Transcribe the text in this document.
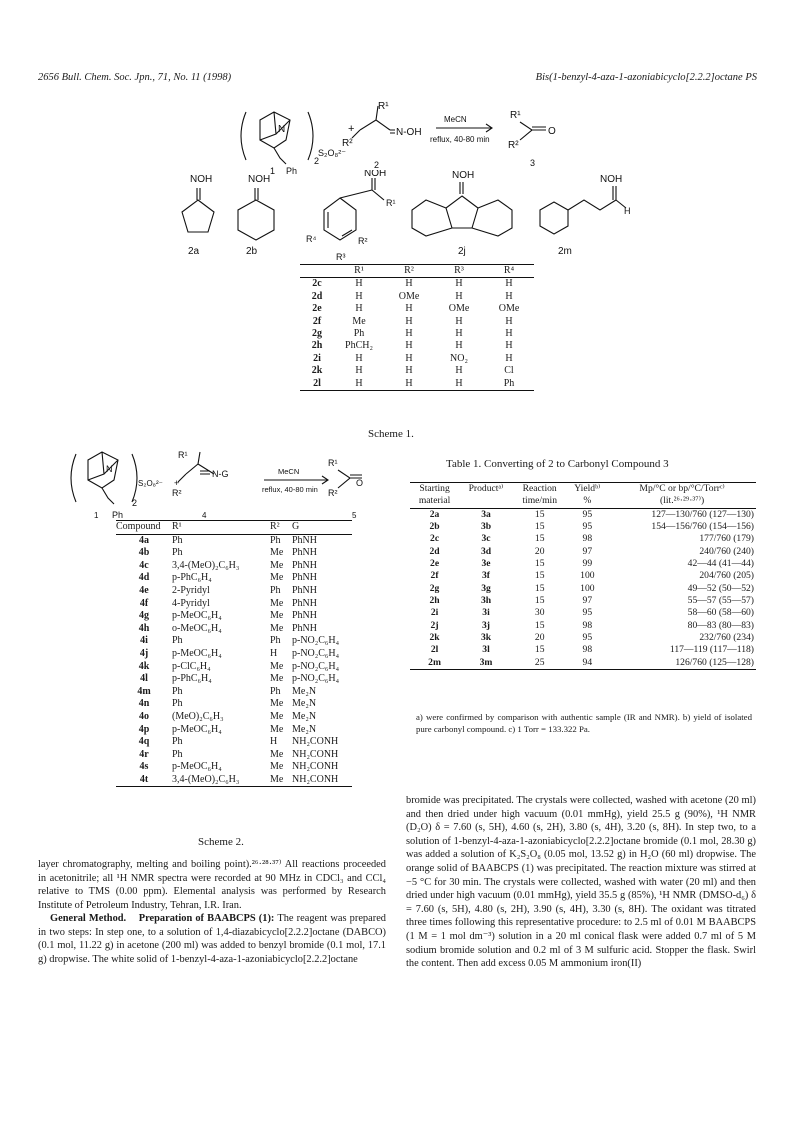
2656 Bull. Chem. Soc. Jpn., 71, No. 11 (1998)	Bis(1-benzyl-4-aza-1-azoniabicyclo[2.2.2]octane PS
S₂O₈²⁻
+
R¹
R²
N-OH
MeCN
reflux, 40-80 min
R¹
R²
O
N
Ph
2
1
2	3
NOH	NOH
NOH
R¹
R²
R³
R⁴
NOH	NOH
H
2a	2b	2j	2m
	R¹	R²	R³	R⁴
2c	H	H	H	H
2d	H	OMe	H	H
2e	H	H	OMe	OMe
2f	Me	H	H	H
2g	Ph	H	H	H
2h	PhCH₂	H	H	H
2i	H	H	NO₂	H
2k	H	H	H	Cl
2l	H	H	H	Ph
Scheme 1.
S₂O₈²⁻ +
R¹
R²
N-G	MeCN
reflux, 40-80 min
R¹
R²
O
N
Ph
2
1	4	5
Compound	R¹	R²	G
4a	Ph	Ph	PhNH
4b	Ph	Me	PhNH
4c	3,4-(MeO)₂C₆H₃	Me	PhNH
4d	p-PhC₆H₄	Me	PhNH
4e	2-Pyridyl	Ph	PhNH
4f	4-Pyridyl	Me	PhNH
4g	p-MeOC₆H₄	Me	PhNH
4h	o-MeOC₆H₄	Me	PhNH
4i	Ph	Ph	p-NO₂C₆H₄
4j	p-MeOC₆H₄	H	p-NO₂C₆H₄
4k	p-ClC₆H₄	Me	p-NO₂C₆H₄
4l	p-PhC₆H₄	Me	p-NO₂C₆H₄
4m	Ph	Ph	Me₂N
4n	Ph	Me	Me₂N
4o	(MeO)₂C₆H₃	Me	Me₂N
4p	p-MeOC₆H₄	Me	Me₂N
4q	Ph	H	NH₂CONH
4r	Ph	Me	NH₂CONH
4s	p-MeOC₆H₄	Me	NH₂CONH
4t	3,4-(MeO)₂C₆H₃	Me	NH₂CONH
Scheme 2.
Table 1. Converting of 2 to Carbonyl Compound 3
Starting	Productᵃ⁾	Reaction	Yieldᵇ⁾	Mp/°C or bp/°C/Torrᶜ⁾
material		time/min	%	(lit.²⁶·²⁹·³⁷⁾)
2a	3a	15	95	127—130/760 (127—130)
2b	3b	15	95	154—156/760 (154—156)
2c	3c	15	98	177/760 (179)
2d	3d	20	97	240/760 (240)
2e	3e	15	99	42—44 (41—44)
2f	3f	15	100	204/760 (205)
2g	3g	15	100	49—52 (50—52)
2h	3h	15	97	55—57 (55—57)
2i	3i	30	95	58—60 (58—60)
2j	3j	15	98	80—83 (80—83)
2k	3k	20	95	232/760 (234)
2l	3l	15	98	117—119 (117—118)
2m	3m	25	94	126/760 (125—128)
a) were confirmed by comparison with authentic sample (IR and NMR). b) yield of isolated pure carbonyl compound. c) 1 Torr = 133.322 Pa.
bromide was precipitated. The crystals were collected, washed with acetone (20 ml) and then dried under high vacuum (0.01 mmHg), yield 25.5 g (90%), ¹H NMR (D₂O) δ = 7.60 (s, 5H), 4.60 (s, 2H), 3.80 (s, 4H), 3.20 (s, 8H). In step two, to a solution of 1-benzyl-4-aza-1-azoniabicyclo[2.2.2]octane bromide (0.1 mol, 28.30 g) was added a solution of K₂S₂O₈ (0.05 mol, 13.52 g) in H₂O (60 ml) dropwise. The orange solid of BAABCPS (1) was precipitated. The reaction mixture was stirred at −5 °C for 30 min. The crystals were collected, washed with water (20 ml) and then dried under high vacuum (0.01 mmHg), yield 35.5 g (85%), ¹H NMR (DMSO-d₆) δ = 7.60 (s, 5H), 4.80 (s, 2H), 3.90 (s, 4H), 3.30 (s, 8H). The oxidant was titrated three times following this representative procedure: to 2.5 ml of 0.01 M BAABCPS (1 M = 1 mol dm⁻³) solution in a 20 ml conical flask were added 0.7 ml of 5 M sodium bromide solution and 0.2 ml of 3 M sulfuric acid. Stopper the flask. Swirl the content. Then add excess 0.05 M ammonium iron(II)
layer chromatography, melting and boiling point).²⁶·²⁸·³⁷⁾ All reactions proceeded in acetonitrile; all ¹H NMR spectra were recorded at 90 MHz in CDCl₃ and CCl₄ relative to TMS (0.00 ppm). Elemental analysis was performed by Research Institute of Petroleum Industry, Tehran, I.R. Iran.
General Method. Preparation of BAABCPS (1): The reagent was prepared in two steps: In step one, to a solution of 1,4-diazabicyclo[2.2.2]octane (DABCO) (0.1 mol, 11.22 g) in acetone (200 ml) was added to benzyl bromide (0.1 mol, 17.1 g) dropwise. The white solid of 1-benzyl-4-aza-1-azoniabicyclo[2.2.2]octane
